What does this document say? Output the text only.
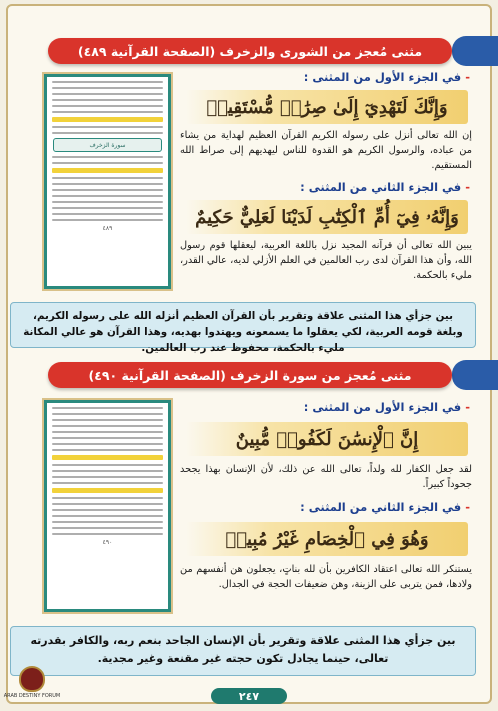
مثنى مُعجز من الشورى والزخرف (الصفحة القرآنية ٤٨٩)
سورة الزخرف
٤٨٩
- في الجزء الأول من المثنى :
وَإِنَّكَ لَتَهْدِيٓ إِلَىٰ صِرَٰطٖ مُّسْتَقِيمٖ
إن الله تعالى أنزل على رسوله الكريم القرآن العظيم لهداية من يشاء من عباده، والرسول الكريم هو القدوة للناس ليهديهم إلى صراط الله المستقيم.
- في الجزء الثاني من المثنى :
وَإِنَّهُۥ فِيٓ أُمِّ ٱلْكِتَٰبِ لَدَيْنَا لَعَلِيٌّ حَكِيمٌ
يبين الله تعالى أن قرآنه المجيد نزل باللغة العربية، ليعقلها قوم رسول الله، وأن هذا القرآن لدى رب العالمين في العلم الأزلي لديه، عالي القدر، مليء بالحكمة.
بين جزأي هذا المثنى علاقة وتقرير بأن القرآن العظيم أنزله الله على رسوله الكريم، وبلغة قومه العربية، لكي يعقلوا ما يسمعونه ويهتدوا بهديه، وهذا القرآن هو عالي المكانة مليء بالحكمة، محفوظ عند رب العالمين.
مثنى مُعجز من سورة الزخرف (الصفحة القرآنية ٤٩٠)
٤٩٠
- في الجزء الأول من المثنى :
إِنَّ ٱلْإِنسَٰنَ لَكَفُورٞ مُّبِينٌ
لقد جعل الكفار لله ولداً، تعالى الله عن ذلك، لأن الإنسان بهذا يجحد جحوداً كبيراً.
- في الجزء الثاني من المثنى :
وَهُوَ فِي ٱلْخِصَامِ غَيْرُ مُبِينٖ
يستنكر الله تعالى اعتقاد الكافرين بأن لله بناتٍ، يجعلون هن أنفسهم من ولادها، فمن يتربى على الزينة، وهن ضعيفات الحجة في الجدال.
بين جزأي هذا المثنى علاقة وتقرير بأن الإنسان الجاحد بنعم ربه، والكافر بقدرته تعالى، حينما يجادل تكون حجته غير مقنعة وغير مجدية.
٢٤٧
ARAB DESTINY FORUM
